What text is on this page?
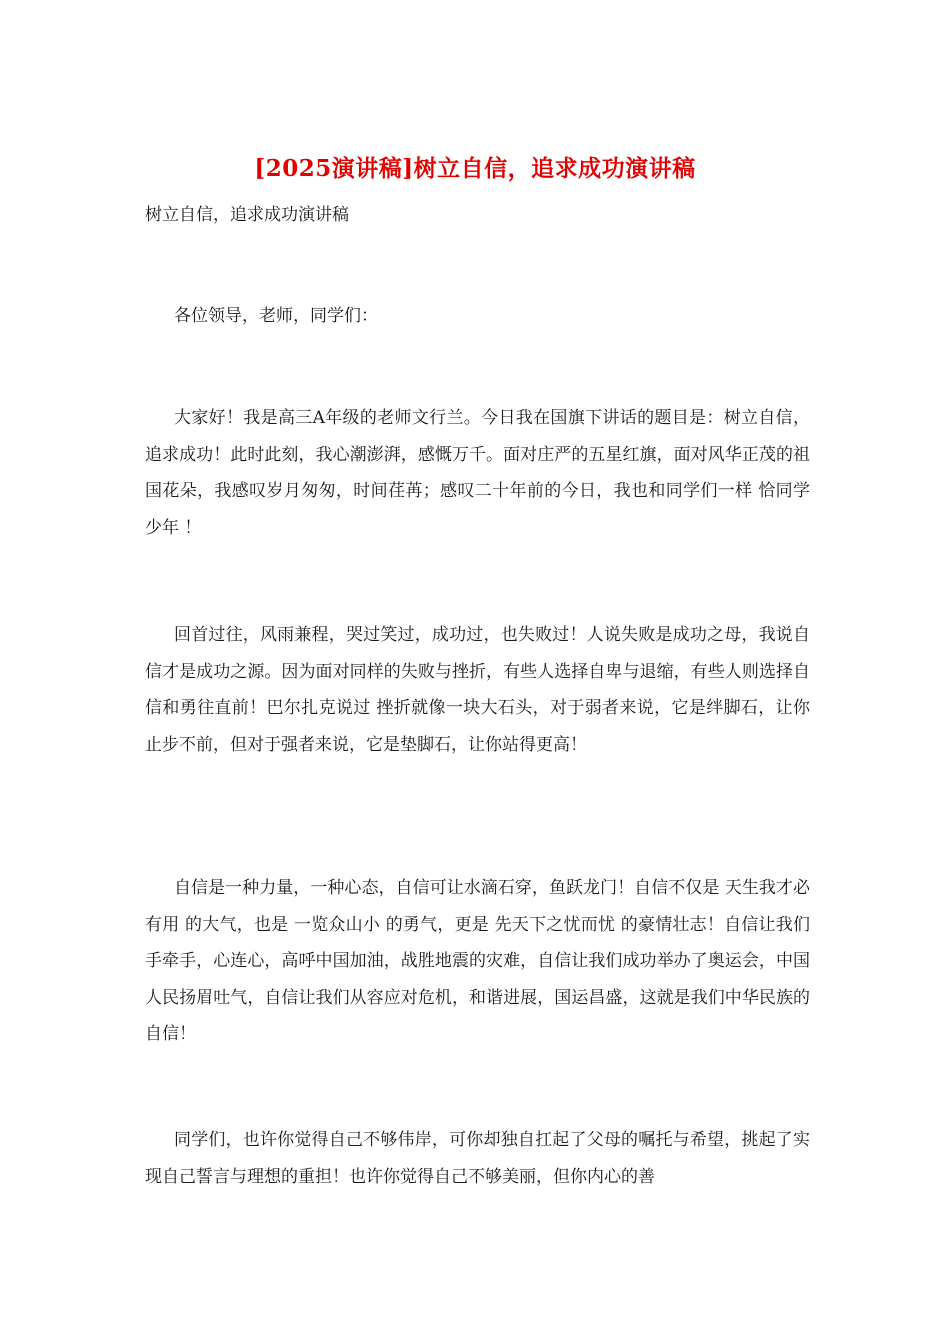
[2025演讲稿]树立自信，追求成功演讲稿

树立自信，追求成功演讲稿

各位领导，老师，同学们：

大家好！我是高三A年级的老师文行兰。今日我在国旗下讲话的题目是：树立自信，追求成功！此时此刻，我心潮澎湃，感慨万千。面对庄严的五星红旗，面对风华正茂的祖国花朵，我感叹岁月匆匆，时间荏苒；感叹二十年前的今日，我也和同学们一样 恰同学少年 ！

回首过往，风雨兼程，哭过笑过，成功过，也失败过！人说失败是成功之母，我说自信才是成功之源。因为面对同样的失败与挫折，有些人选择自卑与退缩，有些人则选择自信和勇往直前！巴尔扎克说过 挫折就像一块大石头，对于弱者来说，它是绊脚石，让你止步不前，但对于强者来说，它是垫脚石，让你站得更高！

自信是一种力量，一种心态，自信可让水滴石穿，鱼跃龙门！自信不仅是 天生我才必有用 的大气，也是 一览众山小 的勇气，更是 先天下之忧而忧 的豪情壮志！自信让我们手牵手，心连心，高呼中国加油，战胜地震的灾难，自信让我们成功举办了奥运会，中国人民扬眉吐气，自信让我们从容应对危机，和谐进展，国运昌盛，这就是我们中华民族的自信！

同学们，也许你觉得自己不够伟岸，可你却独自扛起了父母的嘱托与希望，挑起了实现自己誓言与理想的重担！也许你觉得自己不够美丽，但你内心的善
